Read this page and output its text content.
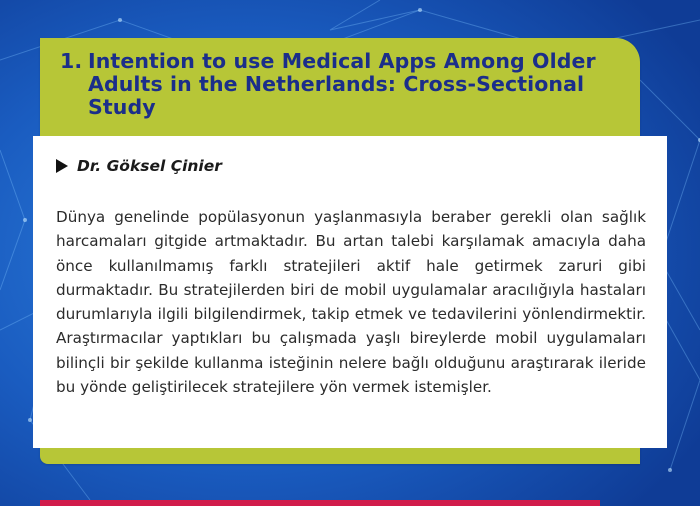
1. Intention to use Medical Apps Among Older Adults in the Netherlands: Cross-Sectional Study
Dr. Göksel Çinier

Dünya genelinde popülasyonun yaşlanmasıyla beraber gerekli olan sağlık harcamaları gitgide artmaktadır. Bu artan talebi karşılamak amacıyla daha önce kullanılmamış farklı stratejileri aktif hale getirmek zaruri gibi durmaktadır. Bu stratejilerden biri de mobil uygulamalar aracılığıyla hastaları durumlarıyla ilgili bilgilendirmek, takip etmek ve tedavilerini yönlendirmektir. Araştırmacılar yaptıkları bu çalışmada yaşlı bireylerde mobil uygulamaları bilinçli bir şekilde kullanma isteğinin nelere bağlı olduğunu araştırarak ileride bu yönde geliştirilecek stratejilere yön vermek istemişler.
